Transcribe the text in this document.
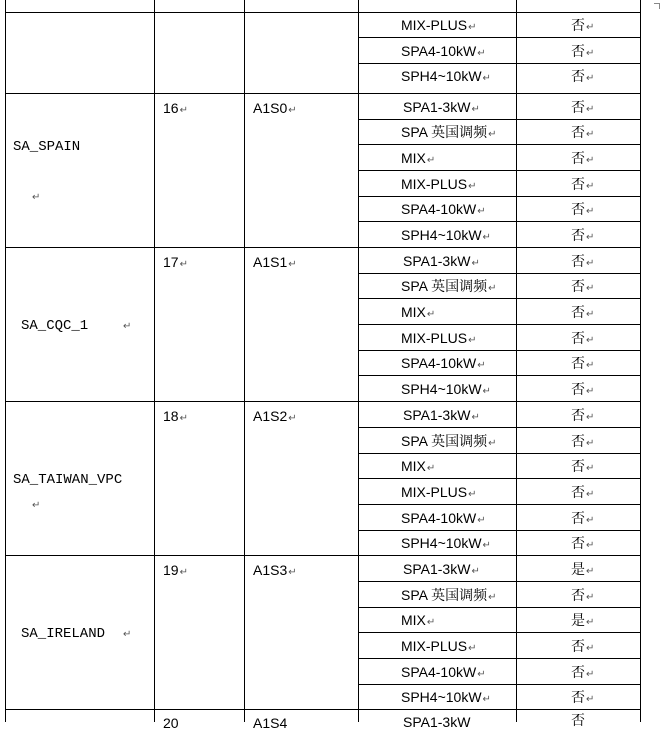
MIX-PLUS↵	否↵
SPA4-10kW↵	否↵
SPH4~10kW↵	否↵
SA_SPAIN
↵
16↵	A1S0↵	SPA1-3kW↵	否↵
SPA 英国调频↵	否↵
MIX↵	否↵
MIX-PLUS↵	否↵
SPA4-10kW↵	否↵
SPH4~10kW↵	否↵
SA_CQC_1	↵
17↵	A1S1↵	SPA1-3kW↵	否↵
SPA 英国调频↵	否↵
MIX↵	否↵
MIX-PLUS↵	否↵
SPA4-10kW↵	否↵
SPH4~10kW↵	否↵
SA_TAIWAN_VPC
↵
18↵	A1S2↵	SPA1-3kW↵	否↵
SPA 英国调频↵	否↵
MIX↵	否↵
MIX-PLUS↵	否↵
SPA4-10kW↵	否↵
SPH4~10kW↵	否↵
SA_IRELAND ↵
19↵	A1S3↵	SPA1-3kW↵	是↵
SPA 英国调频↵	否↵
MIX↵	是↵
MIX-PLUS↵	否↵
SPA4-10kW↵	否↵
SPH4~10kW↵	否↵
20	A1S4	SPA1-3kW	否
